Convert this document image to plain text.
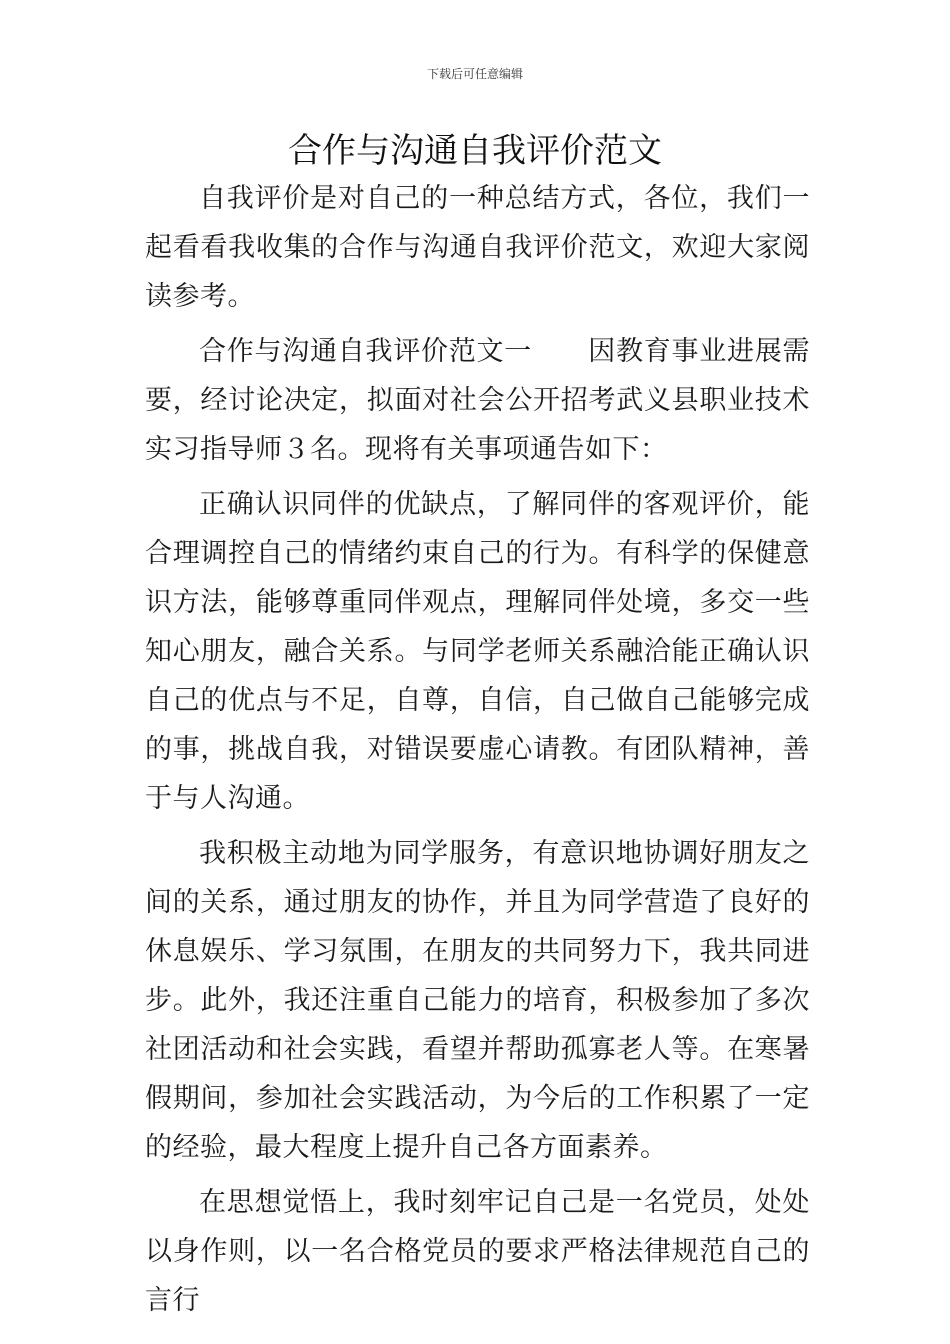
下载后可任意编辑
合作与沟通自我评价范文

自我评价是对自己的一种总结方式，各位，我们一起看看我收集的合作与沟通自我评价范文，欢迎大家阅读参考。

合作与沟通自我评价范文一 因教育事业进展需要，经讨论决定，拟面对社会公开招考武义县职业技术实习指导师３名。现将有关事项通告如下：

正确认识同伴的优缺点，了解同伴的客观评价，能合理调控自己的情绪约束自己的行为。有科学的保健意识方法，能够尊重同伴观点，理解同伴处境，多交一些知心朋友，融合关系。与同学老师关系融洽能正确认识自己的优点与不足，自尊，自信，自己做自己能够完成的事，挑战自我，对错误要虚心请教。有团队精神，善于与人沟通。

我积极主动地为同学服务，有意识地协调好朋友之间的关系，通过朋友的协作，并且为同学营造了良好的休息娱乐、学习氛围，在朋友的共同努力下，我共同进步。此外，我还注重自己能力的培育，积极参加了多次社团活动和社会实践，看望并帮助孤寡老人等。在寒暑假期间，参加社会实践活动，为今后的工作积累了一定的经验，最大程度上提升自己各方面素养。

在思想觉悟上，我时刻牢记自己是一名党员，处处以身作则，以一名合格党员的要求严格法律规范自己的言行
